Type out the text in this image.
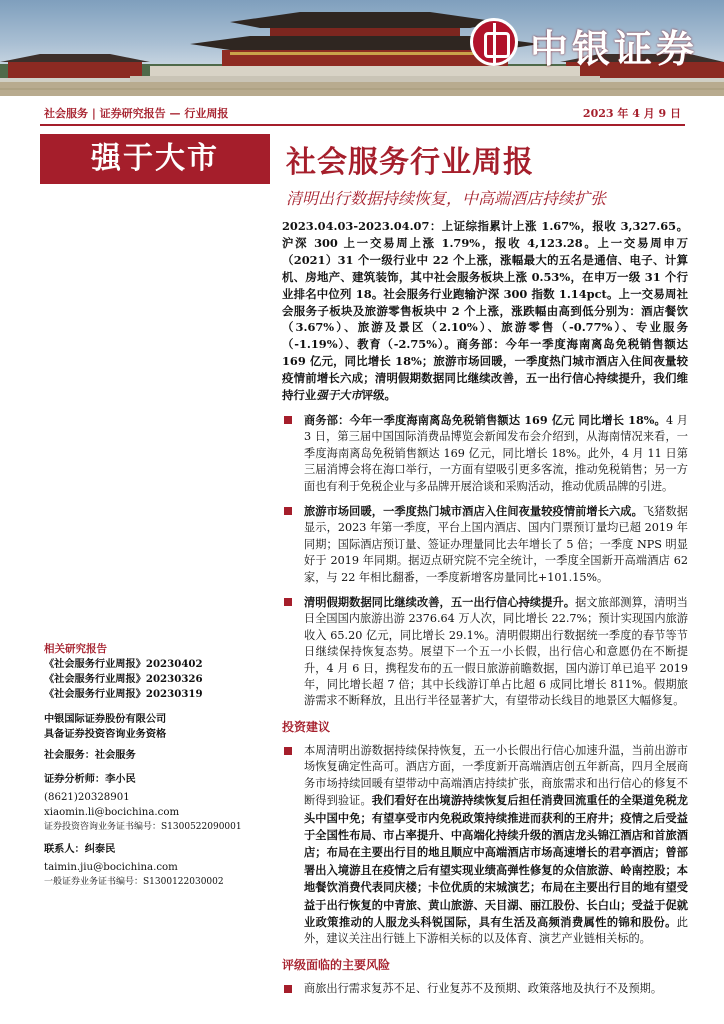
中银证券
社会服务 | 证券研究报告 — 行业周报	2023 年 4 月 9 日
强于大市	社会服务行业周报
清明出行数据持续恢复，中高端酒店持续扩张

2023.04.03-2023.04.07：上证综指累计上涨 1.67%，报收 3,327.65。沪深 300 上一交易周上涨 1.79%，报收 4,123.28。上一交易周申万（2021）31 个一级行业中 22 个上涨，涨幅最大的五名是通信、电子、计算机、房地产、建筑装饰，其中社会服务板块上涨 0.53%，在申万一级 31 个行业排名中位列 18。社会服务行业跑输沪深 300 指数 1.14pct。上一交易周社会服务子板块及旅游零售板块中 2 个上涨，涨跌幅由高到低分别为：酒店餐饮（3.67%）、旅游及景区（2.10%）、旅游零售（-0.77%）、专业服务（-1.19%）、教育（-2.75%）。商务部：今年一季度海南离岛免税销售额达 169 亿元，同比增长 18%；旅游市场回暖，一季度热门城市酒店入住间夜量较疫情前增长六成；清明假期数据同比继续改善，五一出行信心持续提升，我们维持行业强于大市评级。

商务部：今年一季度海南离岛免税销售额达 169 亿元 同比增长 18%。4 月 3 日，第三届中国国际消费品博览会新闻发布会介绍到，从海南情况来看，一季度海南离岛免税销售额达 169 亿元，同比增长 18%。此外，4 月 11 日第三届消博会将在海口举行，一方面有望吸引更多客流，推动免税销售；另一方面也有利于免税企业与多品牌开展洽谈和采购活动，推动优质品牌的引进。
旅游市场回暖，一季度热门城市酒店入住间夜量较疫情前增长六成。飞猪数据显示，2023 年第一季度，平台上国内酒店、国内门票预订量均已超 2019 年同期；国际酒店预订量、签证办理量同比去年增长了 5 倍；一季度 NPS 明显好于 2019 年同期。据迈点研究院不完全统计，一季度全国新开高端酒店 62 家，与 22 年相比翻番，一季度新增客房量同比+101.15%。
清明假期数据同比继续改善，五一出行信心持续提升。据文旅部测算，清明当日全国国内旅游出游 2376.64 万人次，同比增长 22.7%；预计实现国内旅游收入 65.20 亿元，同比增长 29.1%。清明假期出行数据统一季度的春节等节日继续保持恢复态势。展望下一个五一小长假，出行信心和意愿仍在不断提升，4 月 6 日，携程发布的五一假日旅游前瞻数据，国内游订单已追平 2019 年，同比增长超 7 倍；其中长线游订单占比超 6 成同比增长 811%。假期旅游需求不断释放，且出行半径显著扩大，有望带动长线目的地景区大幅修复。
投资建议
本周清明出游数据持续保持恢复，五一小长假出行信心加速升温，当前出游市场恢复确定性高可。酒店方面，一季度新开高端酒店创五年新高，四月全展商务市场持续回暖有望带动中高端酒店持续扩张，商旅需求和出行信心的修复不断得到验证。我们看好在出境游持续恢复后担任消费回流重任的全渠道免税龙头中国中免；有望享受市内免税政策持续推进而获利的王府井；疫情之后受益于全国性布局、市占率提升、中高端化持续升级的酒店龙头锦江酒店和首旅酒店；布局在主要出行目的地且顺应中高端酒店市场高速增长的君亭酒店；曾部署出入境游且在疫情之后有望实现业绩高弹性修复的众信旅游、岭南控股；本地餐饮消费代表同庆楼；卡位优质的宋城演艺；布局在主要出行目的地有望受益于出行恢复的中青旅、黄山旅游、天目湖、丽江股份、长白山；受益于促就业政策推动的人服龙头科锐国际，具有生活及高频消费属性的锦和股份。此外，建议关注出行链上下游相关标的以及体育、演艺产业链相关标的。
评级面临的主要风险
商旅出行需求复苏不足、行业复苏不及预期、政策落地及执行不及预期。

相关研究报告

《社会服务行业周报》20230402

《社会服务行业周报》20230326

《社会服务行业周报》20230319

中银国际证券股份有限公司

具备证券投资咨询业务资格

社会服务：社会服务

证券分析师：李小民

(8621)20328901

xiaomin.li@bocichina.com

证券投资咨询业务证书编号：S1300522090001

联系人：纠泰民

taimin.jiu@bocichina.com

一般证券业务证书编号：S1300122030002
